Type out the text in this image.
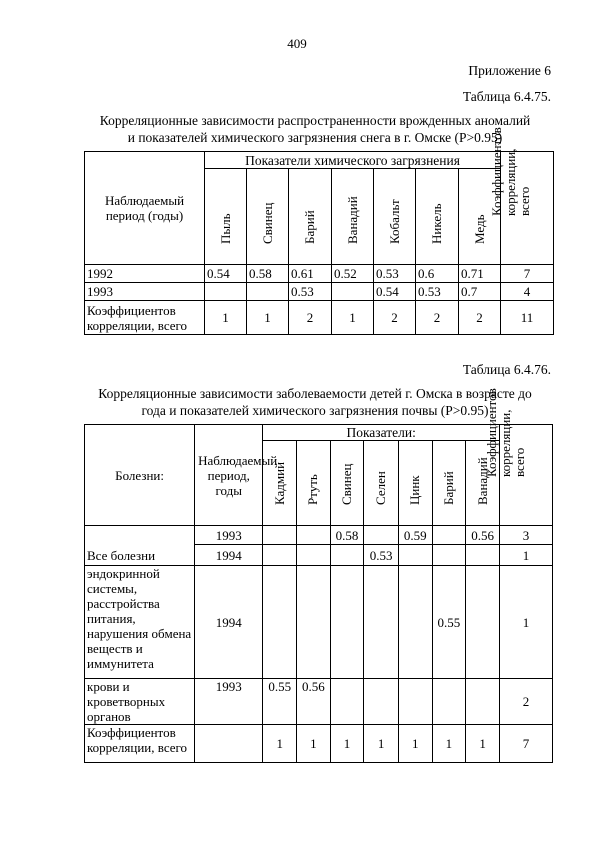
409
Приложение 6
Таблица 6.4.75.
Корреляционные зависимости распространенности врожденных аномалий
и показателей химического загрязнения снега в г. Омске (Р>0.95)
Наблюдаемый период (годы)	Показатели химического загрязнения							Коэффициентов корреляции, всего

	Пыль	Свинец	Барий	Ванадий	Кобальт	Никель	Медь	

1992	0.54	0.58	0.61	0.52	0.53	0.6	0.71	7
1993			0.53		0.54	0.53	0.7	4
Коэффициентов корреляции, всего	1	1	2	1	2	2	2	11
Таблица 6.4.76.
Корреляционные зависимости заболеваемости детей г. Омска в возрасте до
года и показателей химического загрязнения почвы (Р>0.95)
Болезни:	Наблюдаемый период, годы	Показатели:							Коэффициентов корреляции, всего

		Кадмий	Ртуть	Свинец	Селен	Цинк	Барий	Ванадий	

Все болезни	1993			0.58		0.59		0.56	3
	1994				0.53				1
эндокринной системы, расстройства питания, нарушения обмена веществ и иммунитета	1994						0.55		1
крови и кроветворных органов	1993	0.55	0.56						2
Коэффициентов корреляции, всего		1	1	1	1	1	1	1	7
